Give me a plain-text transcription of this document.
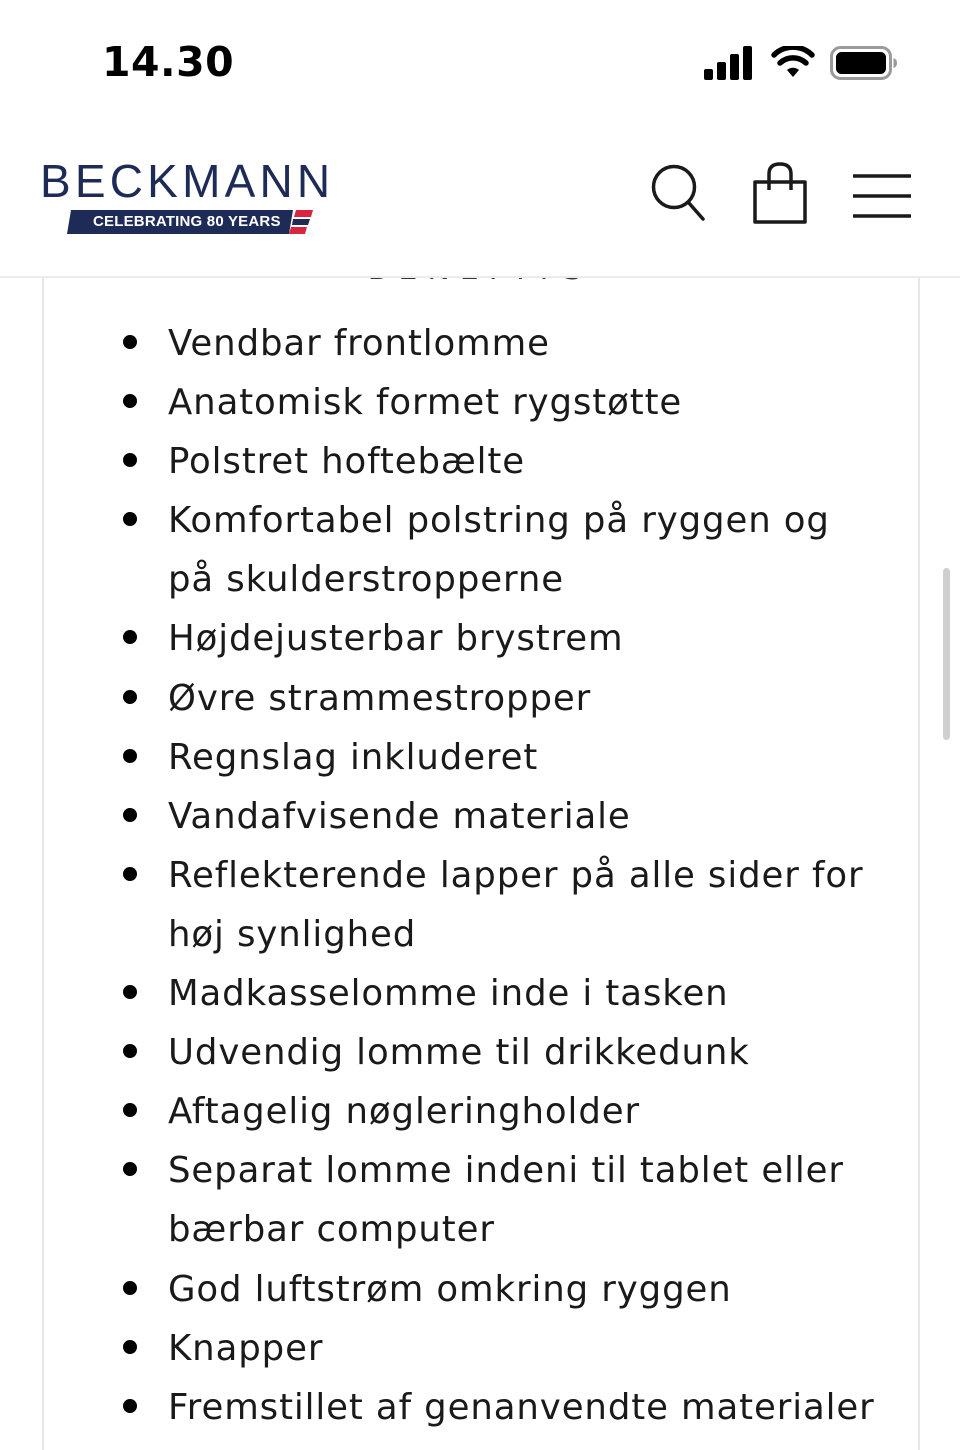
14.30
Vendbar frontlomme
Anatomisk formet rygstøtte
Polstret hoftebælte
Komfortabel polstring på ryggen og på skulderstropperne
Højdejusterbar brystrem
Øvre strammestropper
Regnslag inkluderet
Vandafvisende materiale
Reflekterende lapper på alle sider for høj synlighed
Madkasselomme inde i tasken
Udvendig lomme til drikkedunk
Aftagelig nøgleringholder
Separat lomme indeni til tablet eller bærbar computer
God luftstrøm omkring ryggen
Knapper
Fremstillet af genanvendte materialer
BECKMANN
CELEBRATING 80 YEARS
